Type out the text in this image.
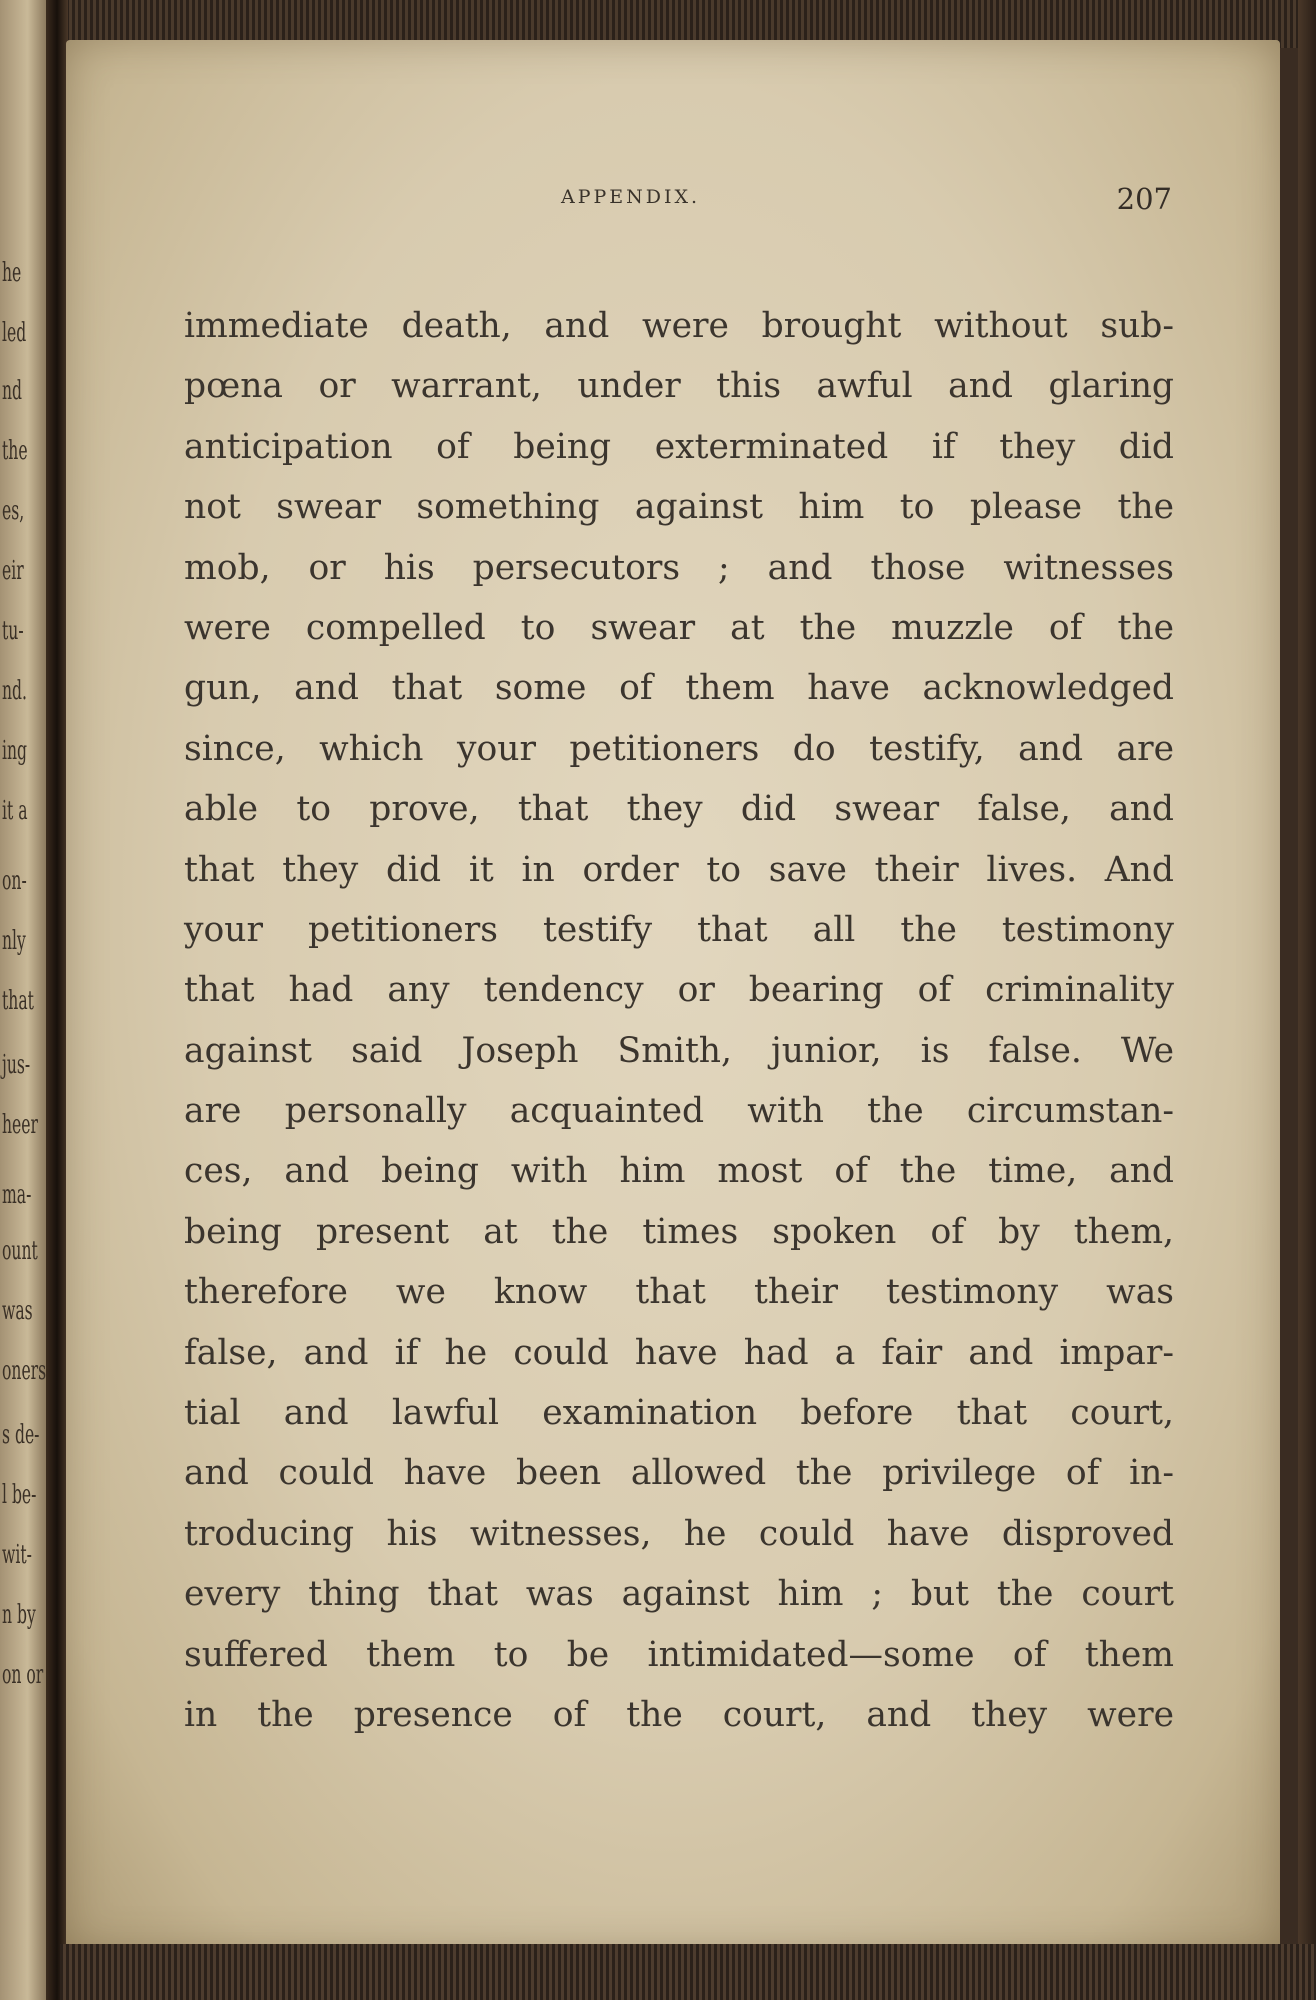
he
led
nd
the
es,
eir
tu-
nd.
ing
it a
on-
nly
that
jus-
heer
ma-
ount
was
oners
s de-
l be-
wit-
n by
on or
APPENDIX.	207
immediate death, and were brought without sub-
pœna or warrant, under this awful and glaring
anticipation of being exterminated if they did
not swear something against him to please the
mob, or his persecutors ; and those witnesses
were compelled to swear at the muzzle of the
gun, and that some of them have acknowledged
since, which your petitioners do testify, and are
able to prove, that they did swear false, and
that they did it in order to save their lives. And
your petitioners testify that all the testimony
that had any tendency or bearing of criminality
against said Joseph Smith, junior, is false. We
are personally acquainted with the circumstan-
ces, and being with him most of the time, and
being present at the times spoken of by them,
therefore we know that their testimony was
false, and if he could have had a fair and impar-
tial and lawful examination before that court,
and could have been allowed the privilege of in-
troducing his witnesses, he could have disproved
every thing that was against him ; but the court
suffered them to be intimidated—some of them
in the presence of the court, and they were
